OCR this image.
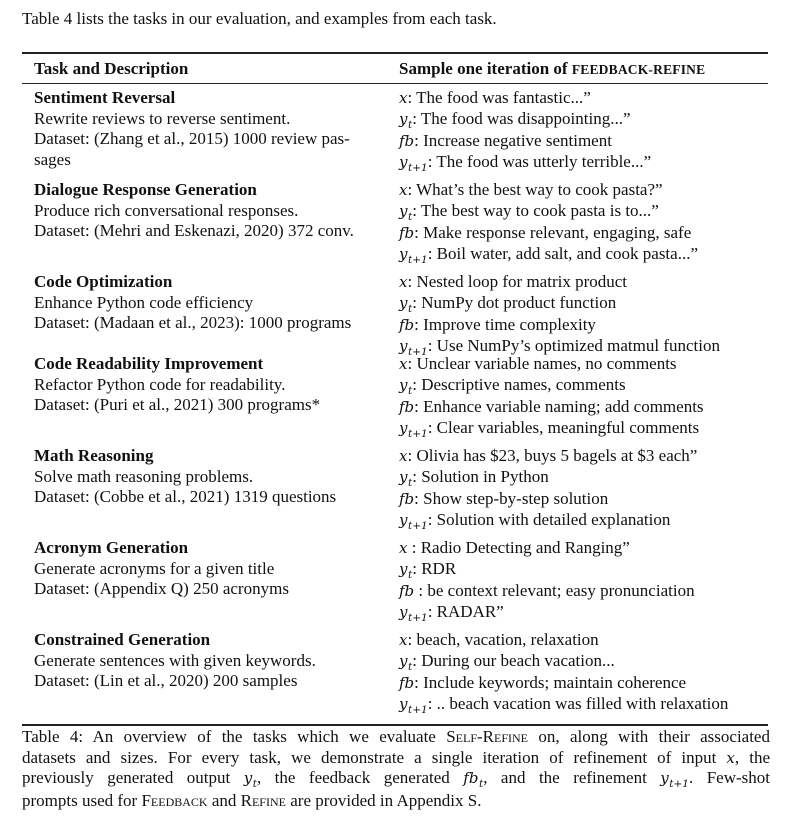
Table 4 lists the tasks in our evaluation, and examples from each task.
Task and Description	Sample one iteration of FEEDBACK-REFINE
Sentiment Reversal
Rewrite reviews to reverse sentiment.
Dataset: (Zhang et al., 2015) 1000 review pas-
sages
x: The food was fantastic...”
$y_t$: The food was disappointing...”
fb: Increase negative sentiment
$y_{t+1}$: The food was utterly terrible...”
Dialogue Response Generation
Produce rich conversational responses.
Dataset: (Mehri and Eskenazi, 2020) 372 conv.
x: What’s the best way to cook pasta?”
$y_t$: The best way to cook pasta is to...”
fb: Make response relevant, engaging, safe
$y_{t+1}$: Boil water, add salt, and cook pasta...”
Code Optimization
Enhance Python code efficiency
Dataset: (Madaan et al., 2023): 1000 programs
x: Nested loop for matrix product
$y_t$: NumPy dot product function
fb: Improve time complexity
$y_{t+1}$: Use NumPy’s optimized matmul function
Code Readability Improvement
Refactor Python code for readability.
Dataset: (Puri et al., 2021) 300 programs*
x: Unclear variable names, no comments
$y_t$: Descriptive names, comments
fb: Enhance variable naming; add comments
$y_{t+1}$: Clear variables, meaningful comments
Math Reasoning
Solve math reasoning problems.
Dataset: (Cobbe et al., 2021) 1319 questions
x: Olivia has $23, buys 5 bagels at $3 each”
$y_t$: Solution in Python
fb: Show step-by-step solution
$y_{t+1}$: Solution with detailed explanation
Acronym Generation
Generate acronyms for a given title
Dataset: (Appendix Q) 250 acronyms
x : Radio Detecting and Ranging”
$y_t$: RDR
fb : be context relevant; easy pronunciation
$y_{t+1}$: RADAR”
Constrained Generation
Generate sentences with given keywords.
Dataset: (Lin et al., 2020) 200 samples
x: beach, vacation, relaxation
$y_t$: During our beach vacation...
fb: Include keywords; maintain coherence
$y_{t+1}$: .. beach vacation was filled with relaxation
Table 4: An overview of the tasks which we evaluate Self-Refine on, along with their associated
datasets and sizes. For every task, we demonstrate a single iteration of refinement of input x, the
previously generated output $y_t$, the feedback generated $fb_t$, and the refinement $y_{t+1}$. Few-shot
prompts used for Feedback and Refine are provided in Appendix S.
